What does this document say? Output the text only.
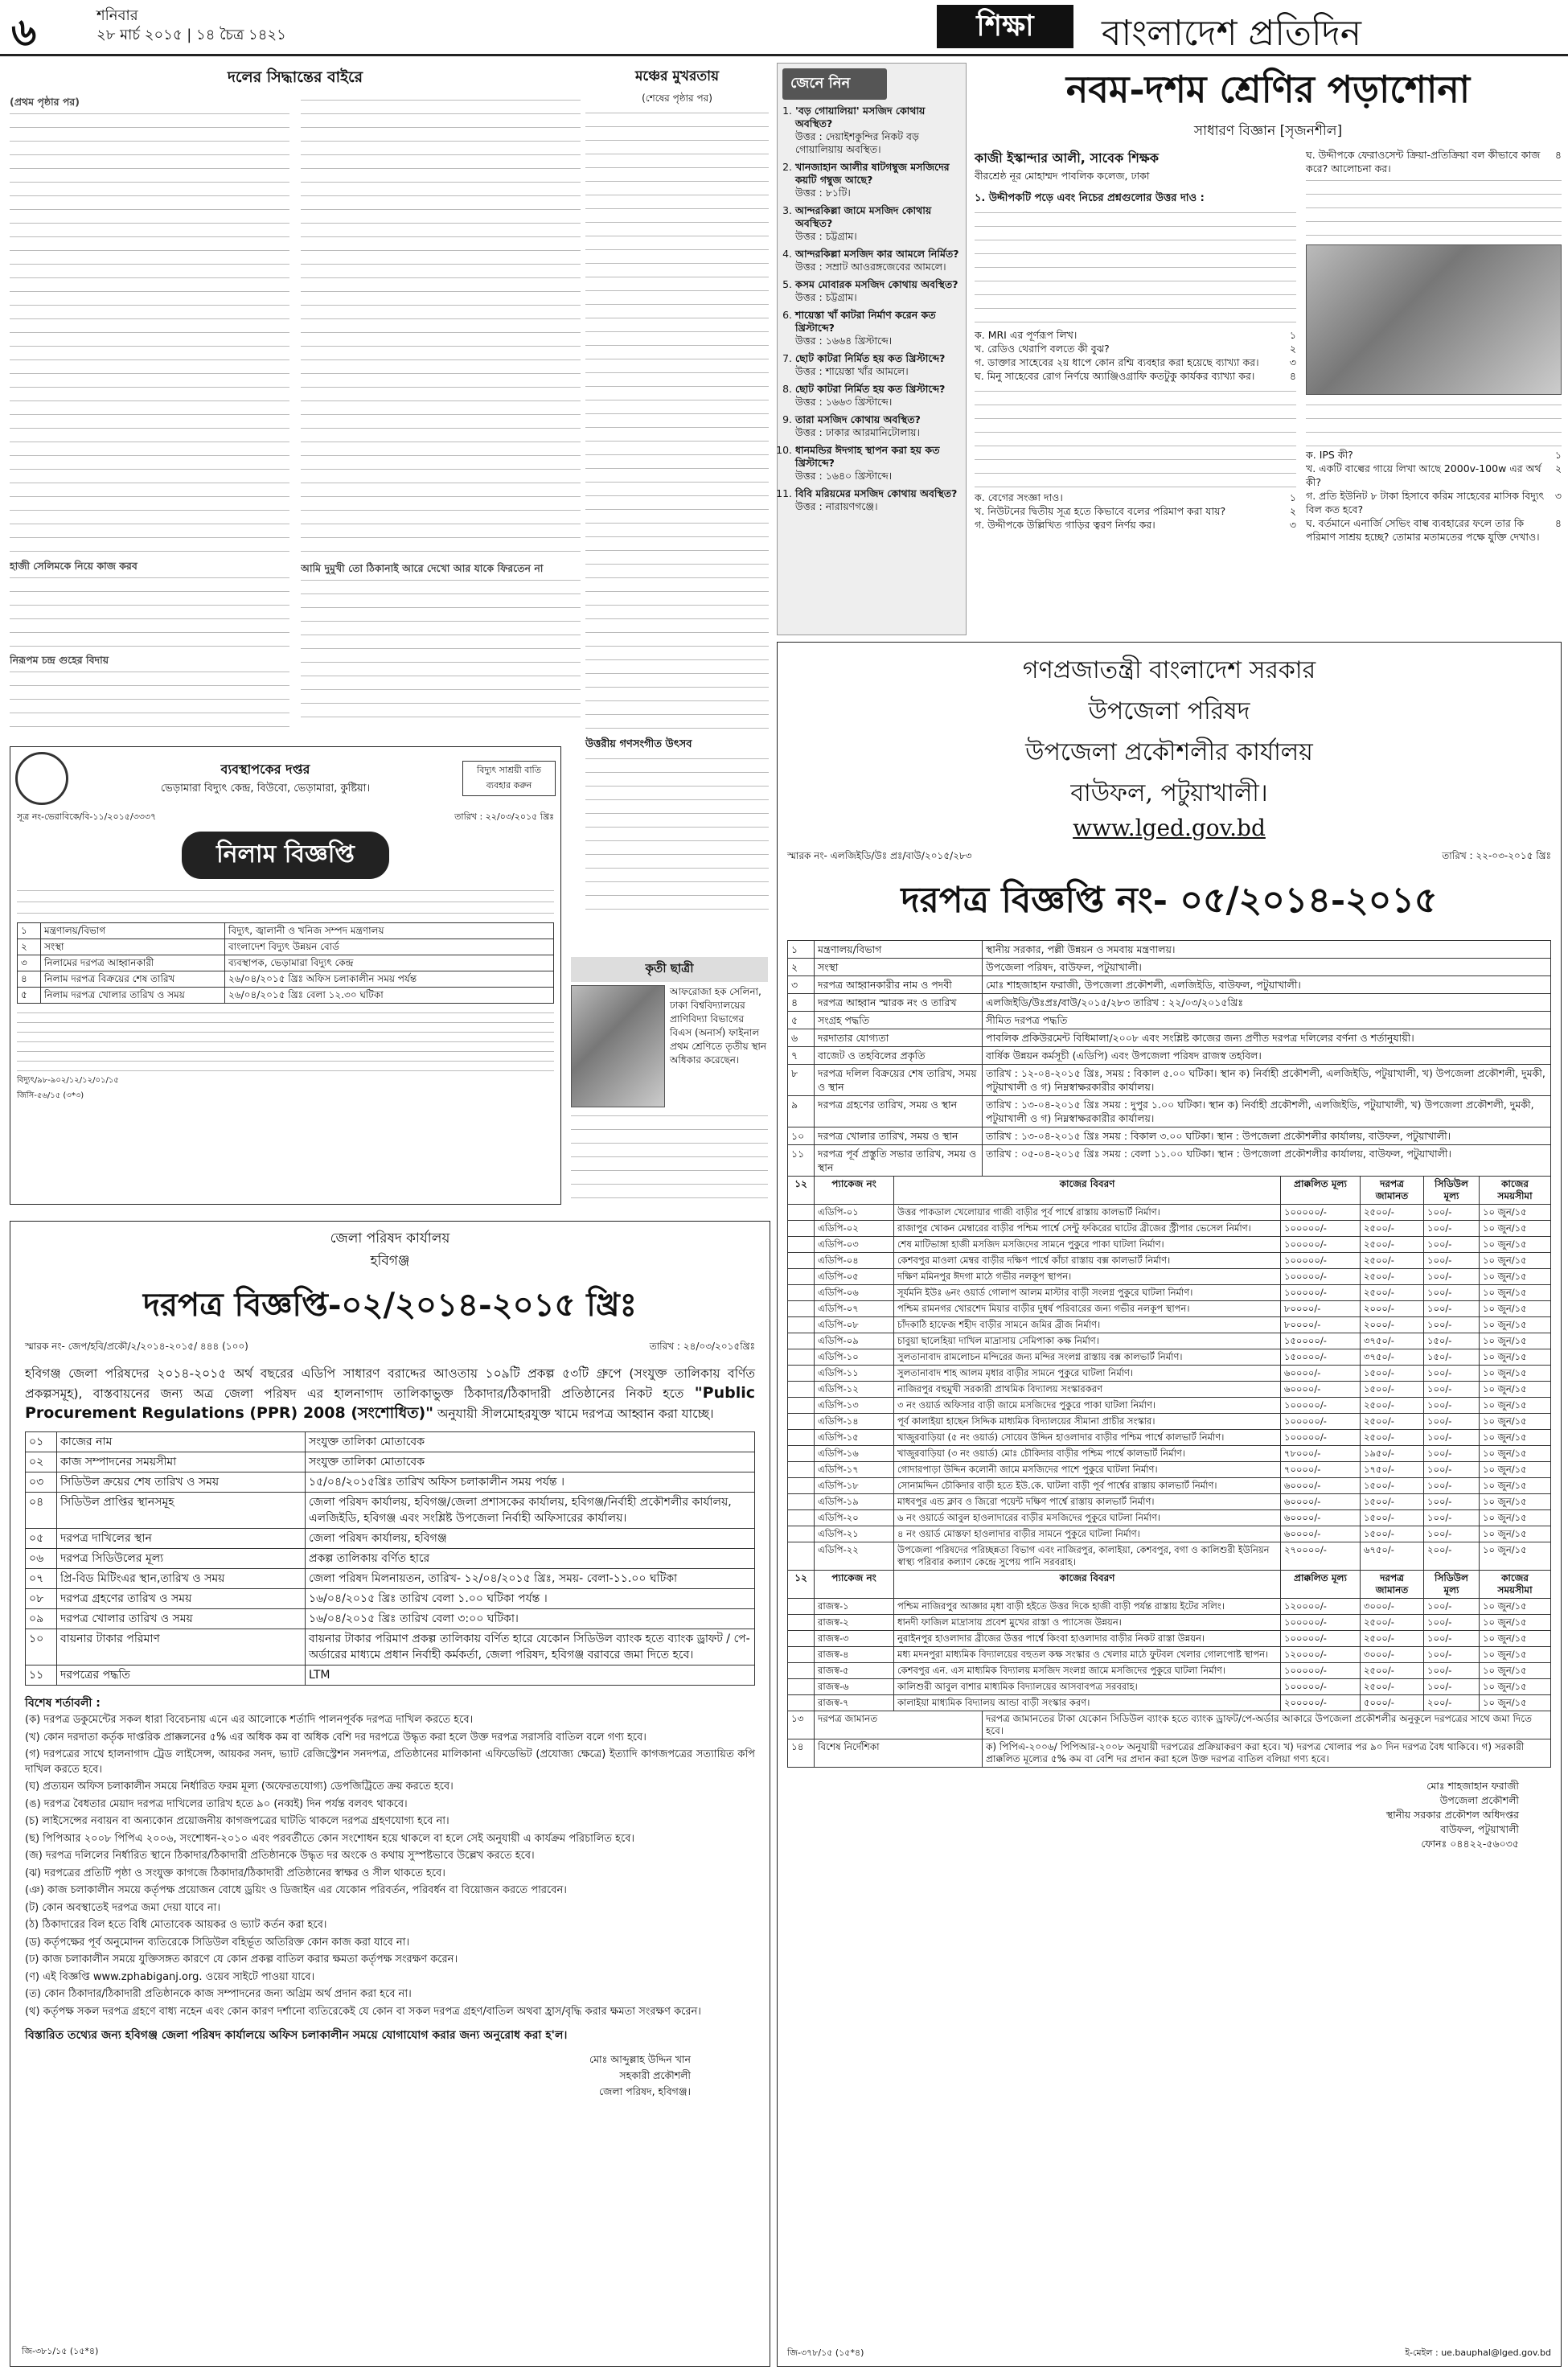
৬	শনিবার
২৮ মার্চ ২০১৫ | ১৪ চৈত্র ১৪২১	শিক্ষা	বাংলাদেশ প্রতিদিন
দলের সিদ্ধান্তের বাইরে
(প্রথম পৃষ্ঠার পর)
হাজী সেলিমকে নিয়ে কাজ করব
নিরূপম চন্দ্র গুহের বিদায়
আমি দুমুখী তো ঠিকানাই আরে দেখো আর যাকে ফিরতেন না
মঞ্চের মুখরতায়
(শেষের পৃষ্ঠার পর)
উত্তরীয় গণসংগীত উৎসব
জেনে নিন
1. 'বড় গোয়ালিয়া' মসজিদ কোথায় অবস্থিত?
উত্তর : দেয়াইশকুন্দির নিকট বড় গোয়ালিয়ায় অবস্থিত।
2. খানজাহান আলীর ষাটগম্বুজ মসজিদের কয়টি গম্বুজ আছে?
উত্তর : ৮১টি।
3. আন্দরকিল্লা জামে মসজিদ কোথায় অবস্থিত?
উত্তর : চট্টগ্রাম।
4. আন্দরকিল্লা মসজিদ কার আমলে নির্মিত?
উত্তর : সম্রাট আওরঙ্গজেবের আমলে।
5. কসম মোবারক মসজিদ কোথায় অবস্থিত?
উত্তর : চট্টগ্রাম।
6. শায়েস্তা খাঁ কাটরা নির্মাণ করেন কত খ্রিস্টাব্দে?
উত্তর : ১৬৬৪ খ্রিস্টাব্দে।
7. ছোট কাটরা নির্মিত হয় কত খ্রিস্টাব্দে?
উত্তর : শায়েস্তা খাঁর আমলে।
8. ছোট কাটরা নির্মিত হয় কত খ্রিস্টাব্দে?
উত্তর : ১৬৬৩ খ্রিস্টাব্দে।
9. তারা মসজিদ কোথায় অবস্থিত?
উত্তর : ঢাকার আরমানিটোলায়।
10. ধানমন্ডির ঈদগাহ স্থাপন করা হয় কত খ্রিস্টাব্দে?
উত্তর : ১৬৪০ খ্রিস্টাব্দে।
11. বিবি মরিয়মের মসজিদ কোথায় অবস্থিত?
উত্তর : নারায়ণগঞ্জে।
নবম-দশম শ্রেণির পড়াশোনা
সাধারণ বিজ্ঞান [সৃজনশীল]
কাজী ইস্কান্দার আলী, সাবেক শিক্ষক
বীরশ্রেষ্ঠ নূর মোহাম্মদ পাবলিক কলেজ, ঢাকা
১. উদ্দীপকটি পড়ে এবং নিচের প্রশ্নগুলোর উত্তর দাও :
ক. MRI এর পূর্ণরূপ লিখ।	১
খ. রেডিও থেরাপি বলতে কী বুঝ?	২
গ. ডাক্তার সাহেবের ২য় ধাপে কোন রশ্মি ব্যবহার করা হয়েছে ব্যাখ্যা কর।	৩
ঘ. মিনু সাহেবের রোগ নির্ণয়ে অ্যাঞ্জিওগ্রাফি কতটুকু কার্যকর ব্যাখ্যা কর।	৪
ক. বেগের সংজ্ঞা দাও।	১
খ. নিউটনের দ্বিতীয় সূত্র হতে কিভাবে বলের পরিমাপ করা যায়?	২
গ. উদ্দীপকে উল্লিখিত গাড়ির ত্বরণ নির্ণয় কর।	৩
ঘ. উদ্দীপকে ফেরাওসেন্ট ক্রিয়া-প্রতিক্রিয়া বল কীভাবে কাজ করে? আলোচনা কর।
৪
ক. IPS কী?	১
খ. একটি বাল্বের গায়ে লিখা আছে 2000v-100w এর অর্থ কী?
২
গ. প্রতি ইউনিট ৮ টাকা হিসাবে করিম সাহেবের মাসিক বিদ্যুৎ বিল কত হবে?
৩
ঘ. বর্তমানে এনার্জি সেভিং বাল্ব ব্যবহারের ফলে তার কি পরিমাণ সাশ্রয় হচ্ছে? তোমার মতামতের পক্ষে যুক্তি দেখাও।
৪
ব্যবস্থাপকের দপ্তর
ভেড়ামারা বিদ্যুৎ কেন্দ্র, বিউবো, ভেড়ামারা, কুষ্টিয়া।
বিদ্যুৎ সাশ্রয়ী বাতি ব্যবহার করুন
সূত্র নং-ভেরাবিকে/বি-১১/২০১৫/৩৩৩৭	তারিখ : ২২/০৩/২০১৫ খ্রিঃ
নিলাম বিজ্ঞপ্তি
১	মন্ত্রণালয়/বিভাগ	বিদ্যুৎ, জ্বালানী ও খনিজ সম্পদ মন্ত্রণালয়
২	সংস্থা	বাংলাদেশ বিদ্যুৎ উন্নয়ন বোর্ড
৩	নিলামের দরপত্র আহ্বানকারী	ব্যবস্থাপক, ভেড়ামারা বিদ্যুৎ কেন্দ্র
৪	নিলাম দরপত্র বিক্রয়ের শেষ তারিখ	২৬/০৪/২০১৫ খ্রিঃ অফিস চলাকালীন সময় পর্যন্ত
৫	নিলাম দরপত্র খোলার তারিখ ও সময়	২৬/০৪/২০১৫ খ্রিঃ বেলা ১২.৩০ ঘটিকা
বিদ্যুৎ/৯৮-৯০২/১২/১২/০১/১৫
জিসি-৫৬/১৫ (৩*৩)
কৃতী ছাত্রী
আফরোজা হক সেলিনা, ঢাকা বিশ্ববিদ্যালয়ের প্রাণিবিদ্যা বিভাগের বিএস (অনার্স) ফাইনাল প্রথম শ্রেণিতে তৃতীয় স্থান অধিকার করেছেন।
জেলা পরিষদ কার্যালয়
হবিগঞ্জ
দরপত্র বিজ্ঞপ্তি-০২/২০১৪-২০১৫ খ্রিঃ
স্মারক নং- জেপ/হবি/প্রকৌ/২/২০১৪-২০১৫/ ৪৪৪ (১০০)	তারিখ : ২৪/০৩/২০১৫খ্রিঃ
হবিগঞ্জ জেলা পরিষদের ২০১৪-২০১৫ অর্থ বছরের এডিপি সাধারণ বরাদ্দের আওতায় ১০৯টি প্রকল্প ৫৩টি গ্রুপে (সংযুক্ত তালিকায় বর্ণিত প্রকল্পসমূহ), বাস্তবায়নের জন্য অত্র জেলা পরিষদ এর হালনাগাদ তালিকাভুক্ত ঠিকাদার/ঠিকাদারী প্রতিষ্ঠানের নিকট হতে "Public Procurement Regulations (PPR) 2008 (সংশোধিত)" অনুযায়ী সীলমোহরযুক্ত খামে দরপত্র আহ্বান করা যাচ্ছে।
০১	কাজের নাম	সংযুক্ত তালিকা মোতাবেক
০২	কাজ সম্পাদনের সময়সীমা	সংযুক্ত তালিকা মোতাবেক
০৩	সিডিউল ক্রয়ের শেষ তারিখ ও সময়	১৫/০৪/২০১৫খ্রিঃ তারিখ অফিস চলাকালীন সময় পর্যন্ত ।
০৪	সিডিউল প্রাপ্তির স্থানসমূহ	জেলা পরিষদ কার্যালয়, হবিগঞ্জ/জেলা প্রশাসকের কার্যালয়, হবিগঞ্জ/নির্বাহী প্রকৌশলীর কার্যালয়, এলজিইডি, হবিগঞ্জ এবং সংশ্লিষ্ট উপজেলা নির্বাহী অফিসারের কার্যালয়।
০৫	দরপত্র দাখিলের স্থান	জেলা পরিষদ কার্যালয়, হবিগঞ্জ
০৬	দরপত্র সিডিউলের মূল্য	প্রকল্প তালিকায় বর্ণিত হারে
০৭	প্রি-বিড মিটিংএর স্থান,তারিখ ও সময়	জেলা পরিষদ মিলনায়তন, তারিখ- ১২/০৪/২০১৫ খ্রিঃ, সময়- বেলা-১১.০০ ঘটিকা
০৮	দরপত্র গ্রহণের তারিখ ও সময়	১৬/০৪/২০১৫ খ্রিঃ তারিখ বেলা ১.০০ ঘটিকা পর্যন্ত ।
০৯	দরপত্র খোলার তারিখ ও সময়	১৬/০৪/২০১৫ খ্রিঃ তারিখ বেলা ৩:০০ ঘটিকা।
১০	বায়নার টাকার পরিমাণ	বায়নার টাকার পরিমাণ প্রকল্প তালিকায় বর্ণিত হারে যেকোন সিডিউল ব্যাংক হতে ব্যাংক ড্রাফট / পে-অর্ডারের মাধ্যমে প্রধান নির্বাহী কর্মকর্তা, জেলা পরিষদ, হবিগঞ্জ বরাবরে জমা দিতে হবে।
১১	দরপত্রের পদ্ধতি	LTM
বিশেষ শর্তাবলী :
(ক) দরপত্র ডকুমেন্টের সকল ধারা বিবেচনায় এনে এর আলোকে শর্তাদি পালনপূর্বক দরপত্র দাখিল করতে হবে।
(খ) কোন দরদাতা কর্তৃক দাপ্তরিক প্রাক্কলনের ৫% এর অধিক কম বা অধিক বেশি দর দরপত্রে উদ্ধৃত করা হলে উক্ত দরপত্র সরাসরি বাতিল বলে গণ্য হবে।
(গ) দরপত্রের সাথে হালনাগাদ ট্রেড লাইসেন্স, আয়কর সনদ, ভ্যাট রেজিস্ট্রেশন সনদপত্র, প্রতিষ্ঠানের মালিকানা এফিডেভিট (প্রযোজ্য ক্ষেত্রে) ইত্যাদি কাগজপত্রের সত্যায়িত কপি দাখিল করতে হবে।
(ঘ) প্রত্যয়ন অফিস চলাকালীন সময়ে নির্ধারিত ফরম মূল্য (অফেরতযোগ্য) ডেপজিট্রিতে ক্রয় করতে হবে।
(ঙ) দরপত্র বৈধতার মেয়াদ দরপত্র দাখিলের তারিখ হতে ৯০ (নব্বই) দিন পর্যন্ত বলবৎ থাকবে।
(চ) লাইসেন্সের নবায়ন বা অন্যকোন প্রয়োজনীয় কাগজপত্রের ঘাটতি থাকলে দরপত্র গ্রহণযোগ্য হবে না।
(ছ) পিপিআর ২০০৮ পিপিএ ২০০৬, সংশোধন-২০১০ এবং পরবর্তীতে কোন সংশোধন হয়ে থাকলে বা হলে সেই অনুযায়ী এ কার্যক্রম পরিচালিত হবে।
(জ) দরপত্র দলিলের নির্ধারিত স্থানে ঠিকাদার/ঠিকাদারী প্রতিষ্ঠানকে উদ্ধৃত দর অংকে ও কথায় সুস্পষ্টভাবে উল্লেখ করতে হবে।
(ঝ) দরপত্রের প্রতিটি পৃষ্ঠা ও সংযুক্ত কাগজে ঠিকাদার/ঠিকাদারী প্রতিষ্ঠানের স্বাক্ষর ও সীল থাকতে হবে।
(ঞ) কাজ চলাকালীন সময়ে কর্তৃপক্ষ প্রয়োজন বোধে ড্রয়িং ও ডিজাইন এর যেকোন পরিবর্তন, পরিবর্ধন বা বিয়োজন করতে পারবেন।
(ট) কোন অবস্থাতেই দরপত্র জমা দেয়া যাবে না।
(ঠ) ঠিকাদারের বিল হতে বিধি মোতাবেক আয়কর ও ভ্যাট কর্তন করা হবে।
(ড) কর্তৃপক্ষের পূর্ব অনুমোদন ব্যতিরেকে সিডিউল বহির্ভূত অতিরিক্ত কোন কাজ করা যাবে না।
(ঢ) কাজ চলাকালীন সময়ে যুক্তিসঙ্গত কারণে যে কোন প্রকল্প বাতিল করার ক্ষমতা কর্তৃপক্ষ সংরক্ষণ করেন।
(ণ) এই বিজ্ঞপ্তি www.zphabiganj.org. ওয়েব সাইটে পাওয়া যাবে।
(ত) কোন ঠিকাদার/ঠিকাদারী প্রতিষ্ঠানকে কাজ সম্পাদনের জন্য অগ্রিম অর্থ প্রদান করা হবে না।
(থ) কর্তৃপক্ষ সকল দরপত্র গ্রহণে বাধ্য নহেন এবং কোন কারণ দর্শানো ব্যতিরেকেই যে কোন বা সকল দরপত্র গ্রহণ/বাতিল অথবা হ্রাস/বৃদ্ধি করার ক্ষমতা সংরক্ষণ করেন।
বিস্তারিত তথ্যের জন্য হবিগঞ্জ জেলা পরিষদ কার্যালয়ে অফিস চলাকালীন সময়ে যোগাযোগ করার জন্য অনুরোধ করা হ'ল।
মোঃ আব্দুল্লাহ উদ্দিন খান
সহকারী প্রকৌশলী
জেলা পরিষদ, হবিগঞ্জ।
জি-৩৮১/১৫ (১৫*৪)
গণপ্রজাতন্ত্রী বাংলাদেশ সরকার
উপজেলা পরিষদ
উপজেলা প্রকৌশলীর কার্যালয়
বাউফল, পটুয়াখালী।
www.lged.gov.bd
স্মারক নং- এলজিইডি/উঃ প্রঃ/বাউ/২০১৫/২৮৩	তারিখ : ২২-০৩-২০১৫ খ্রিঃ
দরপত্র বিজ্ঞপ্তি নং- ০৫/২০১৪-২০১৫
১	মন্ত্রণালয়/বিভাগ	স্থানীয় সরকার, পল্লী উন্নয়ন ও সমবায় মন্ত্রণালয়।
২	সংস্থা	উপজেলা পরিষদ, বাউফল, পটুয়াখালী।
৩	দরপত্র আহ্বানকারীর নাম ও পদবী	মোঃ শাহজাহান ফরাজী, উপজেলা প্রকৌশলী, এলজিইডি, বাউফল, পটুয়াখালী।
৪	দরপত্র আহ্বান স্মারক নং ও তারিখ	এলজিইডি/উঃপ্রঃ/বাউ/২০১৫/২৮৩ তারিখ : ২২/০৩/২০১৫খ্রিঃ
৫	সংগ্রহ পদ্ধতি	সীমিত দরপত্র পদ্ধতি
৬	দরদাতার যোগ্যতা	পাবলিক প্রকিউরমেন্ট বিধিমালা/২০০৮ এবং সংশ্লিষ্ট কাজের জন্য প্রণীত দরপত্র দলিলের বর্ণনা ও শর্তানুযায়ী।
৭	বাজেট ও তহবিলের প্রকৃতি	বার্ষিক উন্নয়ন কর্মসূচী (এডিপি) এবং উপজেলা পরিষদ রাজস্ব তহবিল।
৮	দরপত্র দলিল বিক্রয়ের শেষ তারিখ, সময় ও স্থান	তারিখ : ১২-০৪-২০১৫ খ্রিঃ, সময় : বিকাল ৫.০০ ঘটিকা। স্থান ক) নির্বাহী প্রকৌশলী, এলজিইডি, পটুয়াখালী, খ) উপজেলা প্রকৌশলী, দুমকী, পটুয়াখালী ও গ) নিম্নস্বাক্ষরকারীর কার্যালয়।
৯	দরপত্র গ্রহণের তারিখ, সময় ও স্থান	তারিখ : ১৩-০৪-২০১৫ খ্রিঃ সময় : দুপুর ১.০০ ঘটিকা। স্থান ক) নির্বাহী প্রকৌশলী, এলজিইডি, পটুয়াখালী, খ) উপজেলা প্রকৌশলী, দুমকী, পটুয়াখালী ও গ) নিম্নস্বাক্ষরকারীর কার্যালয়।
১০	দরপত্র খোলার তারিখ, সময় ও স্থান	তারিখ : ১৩-০৪-২০১৫ খ্রিঃ সময় : বিকাল ৩.০০ ঘটিকা। স্থান : উপজেলা প্রকৌশলীর কার্যালয়, বাউফল, পটুয়াখালী।
১১	দরপত্র পূর্ব প্রস্তুতি সভার তারিখ, সময় ও স্থান	তারিখ : ০৫-০৪-২০১৫ খ্রিঃ সময় : বেলা ১১.০০ ঘটিকা। স্থান : উপজেলা প্রকৌশলীর কার্যালয়, বাউফল, পটুয়াখালী।
১২	প্যাকেজ নং	কাজের বিবরণ	প্রাক্কলিত মূল্য	দরপত্র জামানত	সিডিউল মূল্য	কাজের সময়সীমা
	এডিপি-০১	উত্তর পাকডাল খেলোয়ার গাজী বাড়ীর পূর্ব পার্শ্বে রাস্তায় কালভার্ট নির্মাণ।	১০০০০০/-	২৫০০/-	১০০/-	১০ জুন/১৫
	এডিপি-০২	রাজাপুর খোকন মেম্বারের বাড়ীর পশ্চিম পার্শ্বে সেন্টু ফকিরের ঘাটের ব্রীজের স্ট্রীপার ভেসেল নির্মাণ।	১০০০০০/-	২৫০০/-	১০০/-	১০ জুন/১৫
	এডিপি-০৩	শেষ মাটিভাঙ্গা হাজী মসজিদ মসজিদের সামনে পুকুরে পাকা ঘাটলা নির্মাণ।	১০০০০০/-	২৫০০/-	১০০/-	১০ জুন/১৫
	এডিপি-০৪	কেশবপুর মাওলা মেম্বর বাড়ীর দক্ষিণ পার্শ্বে কাঁচা রাস্তায় বক্স কালভার্ট নির্মাণ।	১০০০০০/-	২৫০০/-	১০০/-	১০ জুন/১৫
	এডিপি-০৫	দক্ষিণ মমিনপুর ঈদগা মাঠে গভীর নলকূপ স্থাপন।	১০০০০০/-	২৫০০/-	১০০/-	১০ জুন/১৫
	এডিপি-০৬	সূর্যমনি ইউঃ ৬নং ওয়ার্ড গোলাপ আলম মাস্টার বাড়ী সংলগ্ন পুকুরে ঘাটলা নির্মাণ।	১০০০০০/-	২৫০০/-	১০০/-	১০ জুন/১৫
	এডিপি-০৭	পশ্চিম রামনগর খোরশেদ মিয়ার বাড়ীর দুধর্ষ পরিবারের জন্য গভীর নলকূপ স্থাপন।	৮০০০০/-	২০০০/-	১০০/-	১০ জুন/১৫
	এডিপি-০৮	চাঁদকাঠি হাফেজ শহীদ বাড়ীর সামনে জমির ব্রীজ নির্মাণ।	৮০০০০/-	২০০০/-	১০০/-	১০ জুন/১৫
	এডিপি-০৯	চাবুয়া ছালেহিয়া দাখিল মাদ্রাসায় সেমিপাকা কক্ষ নির্মাণ।	১৫০০০০/-	৩৭৫০/-	১৫০/-	১০ জুন/১৫
	এডিপি-১০	সুলতানাবাদ রামলোচন মন্দিরের জন্য মন্দির সংলগ্ন রাস্তায় বক্স কালভার্ট নির্মাণ।	১৫০০০০/-	৩৭৫০/-	১৫০/-	১০ জুন/১৫
	এডিপি-১১	সুলতানাবাদ শাহ আলম মৃধার বাড়ীর সামনে পুকুরে ঘাটলা নির্মাণ।	৬০০০০/-	১৫০০/-	১০০/-	১০ জুন/১৫
	এডিপি-১২	নাজিরপুর বহুমুখী সরকারী প্রাথমিক বিদ্যালয় সংস্কারকরণ	৬০০০০/-	১৫০০/-	১০০/-	১০ জুন/১৫
	এডিপি-১৩	৩ নং ওয়ার্ড অফিসার বাড়ী জামে মসজিদের পুকুরে পাকা ঘাটলা নির্মাণ।	১০০০০০/-	২৫০০/-	১০০/-	১০ জুন/১৫
	এডিপি-১৪	পূর্ব কালাইয়া হাছেন সিদ্দিক মাধ্যমিক বিদ্যালয়ের সীমানা প্রাচীর সংস্কার।	১০০০০০/-	২৫০০/-	১০০/-	১০ জুন/১৫
	এডিপি-১৫	খাজুরবাড়িয়া (৫ নং ওয়ার্ড) সোয়েব উদ্দিন হাওলাদার বাড়ীর পশ্চিম পার্শ্বে কালভার্ট নির্মাণ।	১০০০০০/-	২৫০০/-	১০০/-	১০ জুন/১৫
	এডিপি-১৬	খাজুরবাড়িয়া (৩ নং ওয়ার্ড) মোঃ চৌকিদার বাড়ীর পশ্চিম পার্শ্বে কালভার্ট নির্মাণ।	৭৮০০০/-	১৯৫০/-	১০০/-	১০ জুন/১৫
	এডিপি-১৭	গোদারপাড়া উদ্দিন কলোনী জামে মসজিদের পাশে পুকুরে ঘাটলা নির্মাণ।	৭০০০০/-	১৭৫০/-	১০০/-	১০ জুন/১৫
	এডিপি-১৮	সোনামদ্দিন চৌকিদার বাড়ী হতে ইউ.কে. ঘাটলা বাড়ী পূর্ব পার্শ্বের রাস্তায় কালভার্ট নির্মাণ।	৬০০০০/-	১৫০০/-	১০০/-	১০ জুন/১৫
	এডিপি-১৯	মাধবপুর এন্ড ক্লাব ও জিরো পয়েন্ট দক্ষিণ পার্শ্বে রাস্তায় কালভার্ট নির্মাণ।	৬০০০০/-	১৫০০/-	১০০/-	১০ জুন/১৫
	এডিপি-২০	৬ নং ওয়ার্ডে আবুল হাওলাদারের বাড়ীর মসজিদের পুকুরে ঘাটলা নির্মাণ।	৬০০০০/-	১৫০০/-	১০০/-	১০ জুন/১৫
	এডিপি-২১	৪ নং ওয়ার্ড মোস্তফা হাওলাদার বাড়ীর সামনে পুকুরে ঘাটলা নির্মাণ।	৬০০০০/-	১৫০০/-	১০০/-	১০ জুন/১৫
	এডিপি-২২	উপজেলা পরিষদের পরিচ্ছন্নতা বিভাগ এবং নাজিরপুর, কালাইয়া, কেশবপুর, বগা ও কালিশুরী ইউনিয়ন স্বাস্থ্য পরিবার কল্যাণ কেন্দ্রে সুপেয় পানি সরবরাহ।	২৭০০০০/-	৬৭৫০/-	২০০/-	১০ জুন/১৫
১২	প্যাকেজ নং	কাজের বিবরণ	প্রাক্কলিত মূল্য	দরপত্র জামানত	সিডিউল মূল্য	কাজের সময়সীমা
	রাজস্ব-১	পশ্চিম নাজিরপুর আজ্ঞার মৃধা বাড়ী হইতে উত্তর দিকে হাজী বাড়ী পর্যন্ত রাস্তায় ইটের সলিং।	১২০০০০/-	৩০০০/-	১০০/-	১০ জুন/১৫
	রাজস্ব-২	ধানদী ফাজিল মাদ্রাসায় প্রবেশ মুখের রাস্তা ও প্যাসেজ উন্নয়ন।	১০০০০০/-	২৫০০/-	১০০/-	১০ জুন/১৫
	রাজস্ব-৩	নুরাইনপুর হাওলাদার ব্রীজের উত্তর পার্শ্বে কিংবা হাওলাদার বাড়ীর নিকট রাস্তা উন্নয়ন।	১০০০০০/-	২৫০০/-	১০০/-	১০ জুন/১৫
	রাজস্ব-৪	মধ্য মদনপুরা মাধ্যমিক বিদ্যালয়ের বহুতল কক্ষ সংস্কার ও খেলার মাঠে ফুটবল খেলার গোলপোষ্ট স্থাপন।	১২০০০০/-	৩০০০/-	১০০/-	১০ জুন/১৫
	রাজস্ব-৫	কেশবপুর এন. এস মাধ্যমিক বিদ্যালয় মসজিদ সংলগ্ন জামে মসজিদের পুকুরে ঘাটলা নির্মাণ।	১০০০০০/-	২৫০০/-	১০০/-	১০ জুন/১৫
	রাজস্ব-৬	কালিশুরী আবুল বাশার মাধ্যমিক বিদ্যালয়ের আসবাবপত্র সরবরাহ।	১০০০০০/-	২৫০০/-	১০০/-	১০ জুন/১৫
	রাজস্ব-৭	কালাইয়া মাধ্যমিক বিদ্যালয় আন্ডা বাড়ী সংস্কার করণ।	২০০০০০/-	৫০০০/-	২০০/-	১০ জুন/১৫
১৩	দরপত্র জামানত	দরপত্র জামানতের টাকা যেকোন সিডিউল ব্যাংক হতে ব্যাংক ড্রাফট/পে-অর্ডার আকারে উপজেলা প্রকৌশলীর অনুকূলে দরপত্রের সাথে জমা দিতে হবে।
১৪	বিশেষ নির্দেশিকা	ক) পিপিএ-২০০৬/ পিপিআর-২০০৮ অনুযায়ী দরপত্রের প্রক্রিয়াকরণ করা হবে। খ) দরপত্র খোলার পর ৯০ দিন দরপত্র বৈধ থাকিবে। গ) সরকারী প্রাক্কলিত মূল্যের ৫% কম বা বেশি দর প্রদান করা হলে উক্ত দরপত্র বাতিল বলিয়া গণ্য হবে।
মোঃ শাহজাহান ফরাজী
উপজেলা প্রকৌশলী
স্থানীয় সরকার প্রকৌশল অধিদপ্তর
বাউফল, পটুয়াখালী
ফোনঃ ০৪৪২২-৫৬০৩৫
জি-৩৭৮/১৫ (১৫*৪)	ই-মেইল : ue.bauphal@lged.gov.bd
